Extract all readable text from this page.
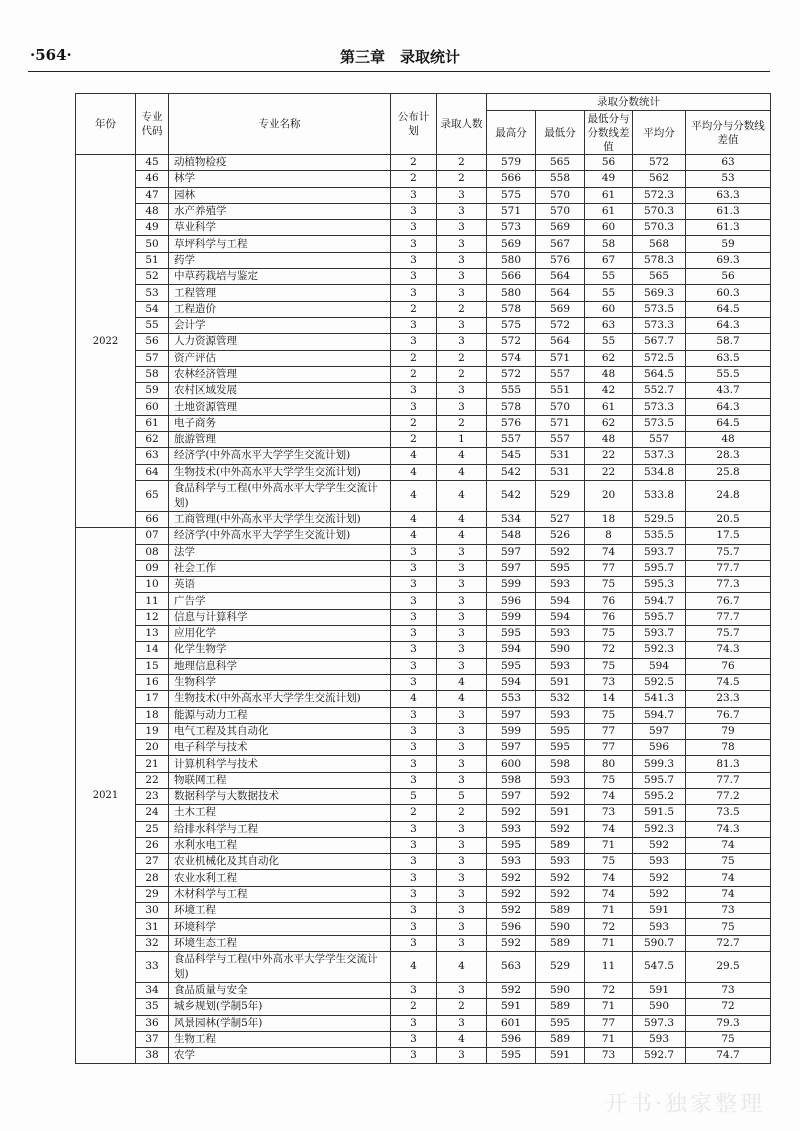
·564·	第三章　录取统计
年份	专业代码	专业名称	公布计划	录取人数	录取分数统计				
					最高分	最低分	最低分与分数线差值	平均分	平均分与分数线差值
2022	45	动植物检疫	2	2	579	565	56	572	63
	46	林学	2	2	566	558	49	562	53
	47	园林	3	3	575	570	61	572.3	63.3
	48	水产养殖学	3	3	571	570	61	570.3	61.3
	49	草业科学	3	3	573	569	60	570.3	61.3
	50	草坪科学与工程	3	3	569	567	58	568	59
	51	药学	3	3	580	576	67	578.3	69.3
	52	中草药栽培与鉴定	3	3	566	564	55	565	56
	53	工程管理	3	3	580	564	55	569.3	60.3
	54	工程造价	2	2	578	569	60	573.5	64.5
	55	会计学	3	3	575	572	63	573.3	64.3
	56	人力资源管理	3	3	572	564	55	567.7	58.7
	57	资产评估	2	2	574	571	62	572.5	63.5
	58	农林经济管理	2	2	572	557	48	564.5	55.5
	59	农村区域发展	3	3	555	551	42	552.7	43.7
	60	土地资源管理	3	3	578	570	61	573.3	64.3
	61	电子商务	2	2	576	571	62	573.5	64.5
	62	旅游管理	2	1	557	557	48	557	48
	63	经济学(中外高水平大学学生交流计划)	4	4	545	531	22	537.3	28.3
	64	生物技术(中外高水平大学学生交流计划)	4	4	542	531	22	534.8	25.8
	65	食品科学与工程(中外高水平大学学生交流计划)	4	4	542	529	20	533.8	24.8
	66	工商管理(中外高水平大学学生交流计划)	4	4	534	527	18	529.5	20.5
2021	07	经济学(中外高水平大学学生交流计划)	4	4	548	526	8	535.5	17.5
	08	法学	3	3	597	592	74	593.7	75.7
	09	社会工作	3	3	597	595	77	595.7	77.7
	10	英语	3	3	599	593	75	595.3	77.3
	11	广告学	3	3	596	594	76	594.7	76.7
	12	信息与计算科学	3	3	599	594	76	595.7	77.7
	13	应用化学	3	3	595	593	75	593.7	75.7
	14	化学生物学	3	3	594	590	72	592.3	74.3
	15	地理信息科学	3	3	595	593	75	594	76
	16	生物科学	3	4	594	591	73	592.5	74.5
	17	生物技术(中外高水平大学学生交流计划)	4	4	553	532	14	541.3	23.3
	18	能源与动力工程	3	3	597	593	75	594.7	76.7
	19	电气工程及其自动化	3	3	599	595	77	597	79
	20	电子科学与技术	3	3	597	595	77	596	78
	21	计算机科学与技术	3	3	600	598	80	599.3	81.3
	22	物联网工程	3	3	598	593	75	595.7	77.7
	23	数据科学与大数据技术	5	5	597	592	74	595.2	77.2
	24	土木工程	2	2	592	591	73	591.5	73.5
	25	给排水科学与工程	3	3	593	592	74	592.3	74.3
	26	水利水电工程	3	3	595	589	71	592	74
	27	农业机械化及其自动化	3	3	593	593	75	593	75
	28	农业水利工程	3	3	592	592	74	592	74
	29	木材科学与工程	3	3	592	592	74	592	74
	30	环境工程	3	3	592	589	71	591	73
	31	环境科学	3	3	596	590	72	593	75
	32	环境生态工程	3	3	592	589	71	590.7	72.7
	33	食品科学与工程(中外高水平大学学生交流计划)	4	4	563	529	11	547.5	29.5
	34	食品质量与安全	3	3	592	590	72	591	73
	35	城乡规划(学制5年)	2	2	591	589	71	590	72
	36	风景园林(学制5年)	3	3	601	595	77	597.3	79.3
	37	生物工程	3	4	596	589	71	593	75
	38	农学	3	3	595	591	73	592.7	74.7
开书·独家整理
